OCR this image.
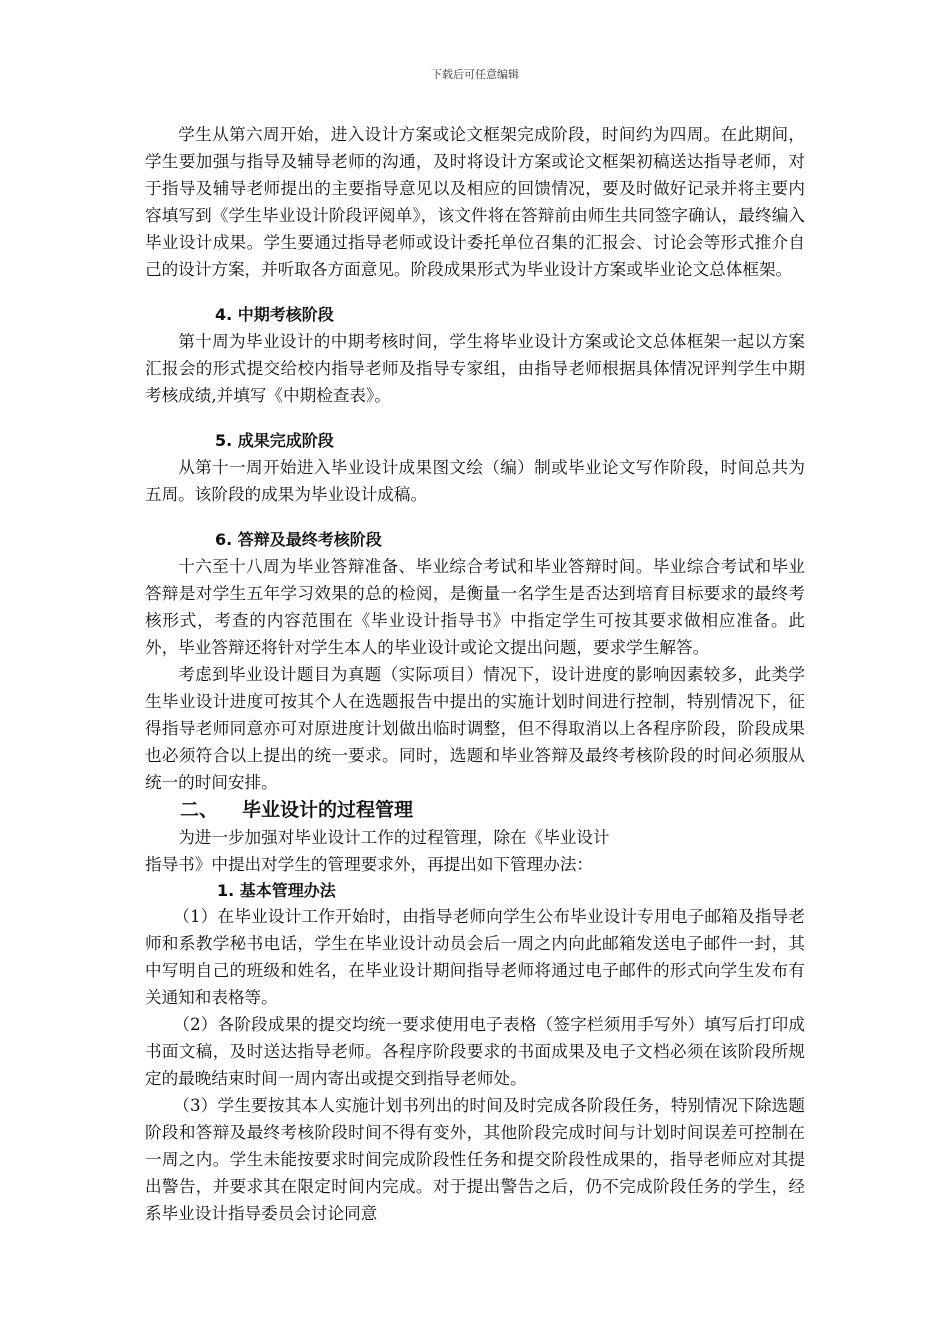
下载后可任意编辑

学生从第六周开始，进入设计方案或论文框架完成阶段，时间约为四周。在此期间，学生要加强与指导及辅导老师的沟通，及时将设计方案或论文框架初稿送达指导老师，对于指导及辅导老师提出的主要指导意见以及相应的回馈情况，要及时做好记录并将主要内容填写到《学生毕业设计阶段评阅单》，该文件将在答辩前由师生共同签字确认，最终编入毕业设计成果。学生要通过指导老师或设计委托单位召集的汇报会、讨论会等形式推介自己的设计方案，并听取各方面意见。阶段成果形式为毕业设计方案或毕业论文总体框架。

4. 中期考核阶段

第十周为毕业设计的中期考核时间，学生将毕业设计方案或论文总体框架一起以方案汇报会的形式提交给校内指导老师及指导专家组，由指导老师根据具体情况评判学生中期考核成绩,并填写《中期检查表》。

5. 成果完成阶段

从第十一周开始进入毕业设计成果图文绘（编）制或毕业论文写作阶段，时间总共为五周。该阶段的成果为毕业设计成稿。

6. 答辩及最终考核阶段

十六至十八周为毕业答辩准备、毕业综合考试和毕业答辩时间。毕业综合考试和毕业答辩是对学生五年学习效果的总的检阅，是衡量一名学生是否达到培育目标要求的最终考核形式，考查的内容范围在《毕业设计指导书》中指定学生可按其要求做相应准备。此外，毕业答辩还将针对学生本人的毕业设计或论文提出问题，要求学生解答。

考虑到毕业设计题目为真题（实际项目）情况下，设计进度的影响因素较多，此类学生毕业设计进度可按其个人在选题报告中提出的实施计划时间进行控制，特别情况下，征得指导老师同意亦可对原进度计划做出临时调整，但不得取消以上各程序阶段，阶段成果也必须符合以上提出的统一要求。同时，选题和毕业答辩及最终考核阶段的时间必须服从统一的时间安排。

二、 毕业设计的过程管理

为进一步加强对毕业设计工作的过程管理，除在《毕业设计

指导书》中提出对学生的管理要求外，再提出如下管理办法：

1. 基本管理办法

（1）在毕业设计工作开始时，由指导老师向学生公布毕业设计专用电子邮箱及指导老师和系教学秘书电话，学生在毕业设计动员会后一周之内向此邮箱发送电子邮件一封，其中写明自己的班级和姓名，在毕业设计期间指导老师将通过电子邮件的形式向学生发布有关通知和表格等。

（2）各阶段成果的提交均统一要求使用电子表格（签字栏须用手写外）填写后打印成书面文稿，及时送达指导老师。各程序阶段要求的书面成果及电子文档必须在该阶段所规定的最晚结束时间一周内寄出或提交到指导老师处。

（3）学生要按其本人实施计划书列出的时间及时完成各阶段任务，特别情况下除选题阶段和答辩及最终考核阶段时间不得有变外，其他阶段完成时间与计划时间误差可控制在一周之内。学生未能按要求时间完成阶段性任务和提交阶段性成果的，指导老师应对其提出警告，并要求其在限定时间内完成。对于提出警告之后，仍不完成阶段任务的学生，经系毕业设计指导委员会讨论同意
